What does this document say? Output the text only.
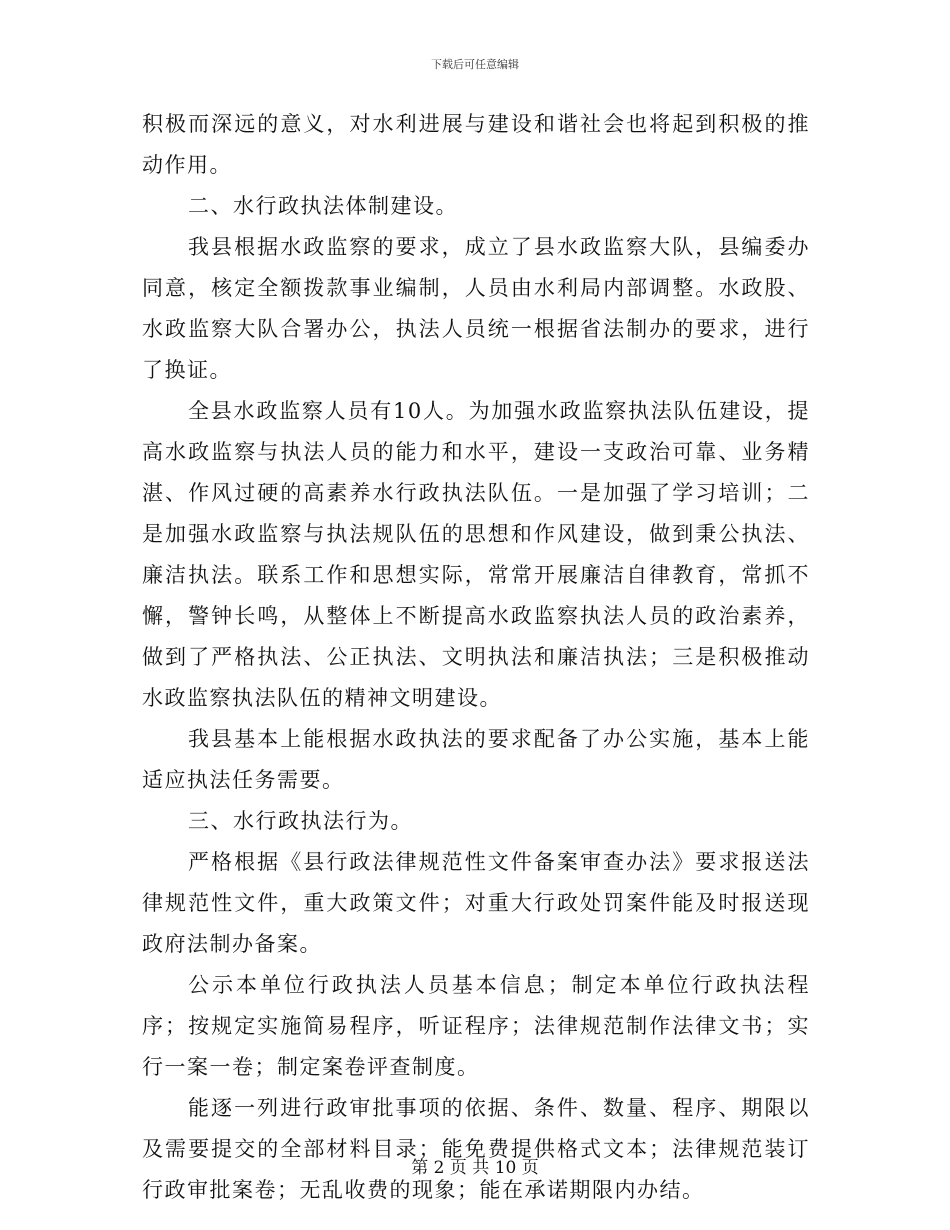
下载后可任意编辑

积极而深远的意义，对水利进展与建设和谐社会也将起到积极的推动作用。

二、水行政执法体制建设。

我县根据水政监察的要求，成立了县水政监察大队，县编委办同意，核定全额拨款事业编制，人员由水利局内部调整。水政股、水政监察大队合署办公，执法人员统一根据省法制办的要求，进行了换证。

全县水政监察人员有10人。为加强水政监察执法队伍建设，提高水政监察与执法人员的能力和水平，建设一支政治可靠、业务精湛、作风过硬的高素养水行政执法队伍。一是加强了学习培训；二是加强水政监察与执法规队伍的思想和作风建设，做到秉公执法、廉洁执法。联系工作和思想实际，常常开展廉洁自律教育，常抓不懈，警钟长鸣，从整体上不断提高水政监察执法人员的政治素养，做到了严格执法、公正执法、文明执法和廉洁执法；三是积极推动水政监察执法队伍的精神文明建设。

我县基本上能根据水政执法的要求配备了办公实施，基本上能适应执法任务需要。

三、水行政执法行为。

严格根据《县行政法律规范性文件备案审查办法》要求报送法律规范性文件，重大政策文件；对重大行政处罚案件能及时报送现政府法制办备案。

公示本单位行政执法人员基本信息；制定本单位行政执法程序；按规定实施简易程序，听证程序；法律规范制作法律文书；实行一案一卷；制定案卷评查制度。

能逐一列进行政审批事项的依据、条件、数量、程序、期限以及需要提交的全部材料目录；能免费提供格式文本；法律规范装订行政审批案卷；无乱收费的现象；能在承诺期限内办结。

第 2 页 共 10 页
